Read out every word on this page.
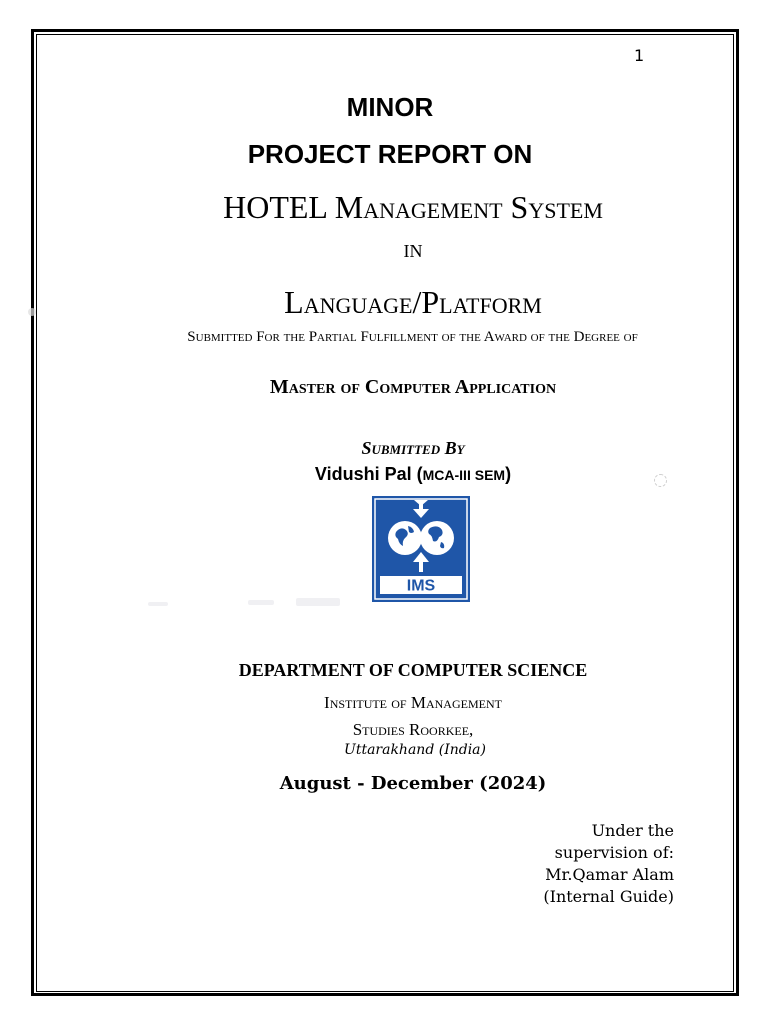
1
MINOR
PROJECT REPORT ON
HOTEL Management System
in
Language/Platform
Submitted For the Partial Fulfillment of the Award of the Degree of
Master of Computer Application
Submitted By
Vidushi Pal (MCA-III SEM)
IMS
DEPARTMENT OF COMPUTER SCIENCE
Institute of Management
Studies Roorkee,
Uttarakhand (India)
August - December (2024)
Under the
supervision of:
Mr.Qamar Alam
(Internal Guide)
